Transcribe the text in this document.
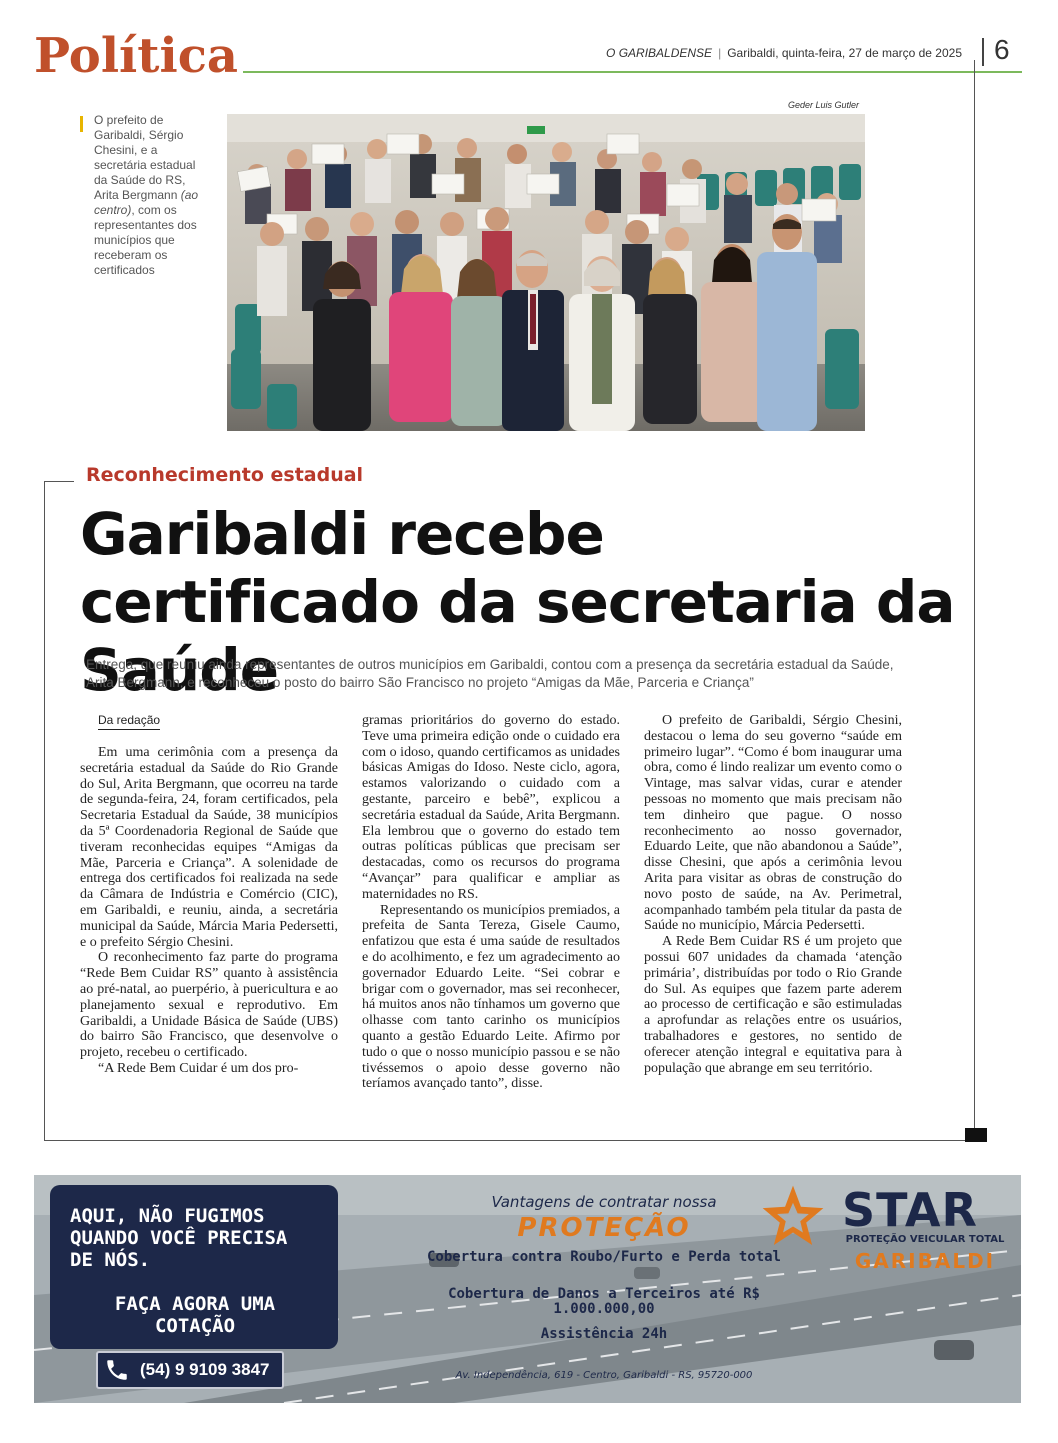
Política	O GARIBALDENSE | Garibaldi, quinta-feira, 27 de março de 2025 6
O prefeito de Garibaldi, Sérgio Chesini, e a secretária estadual da Saúde do RS, Arita Bergmann (ao centro), com os representantes dos municípios que receberam os certificados
Geder Luis Gutler
Reconhecimento estadual
Garibaldi recebe certificado da secretaria da Saúde
Entrega, que reuniu ainda representantes de outros municípios em Garibaldi, contou com a presença da secretária estadual da Saúde, Arita Bergmann, e reconheceu o posto do bairro São Francisco no projeto “Amigas da Mãe, Parceria e Criança”
Da redação

Em uma cerimônia com a presença da secretária estadual da Saúde do Rio Grande do Sul, Arita Bergmann, que ocorreu na tarde de segunda-feira, 24, foram certificados, pela Secretaria Estadual da Saúde, 38 municípios da 5ª Coordenadoria Regional de Saúde que tiveram reconhecidas equipes “Amigas da Mãe, Parceria e Criança”. A solenidade de entrega dos certificados foi realizada na sede da Câmara de Indústria e Comércio (CIC), em Garibaldi, e reuniu, ainda, a secretária municipal da Saúde, Márcia Maria Pedersetti, e o prefeito Sérgio Chesini.

O reconhecimento faz parte do programa “Rede Bem Cuidar RS” quanto à assistência ao pré-natal, ao puerpério, à puericultura e ao planejamento sexual e reprodutivo. Em Garibaldi, a Unidade Básica de Saúde (UBS) do bairro São Francisco, que desenvolve o projeto, recebeu o certificado.

“A Rede Bem Cuidar é um dos pro-

gramas prioritários do governo do estado. Teve uma primeira edição onde o cuidado era com o idoso, quando certificamos as unidades básicas Amigas do Idoso. Neste ciclo, agora, estamos valorizando o cuidado com a gestante, parceiro e bebê”, explicou a secretária estadual da Saúde, Arita Bergmann. Ela lembrou que o governo do estado tem outras políticas públicas que precisam ser destacadas, como os recursos do programa “Avançar” para qualificar e ampliar as maternidades no RS.

Representando os municípios premiados, a prefeita de Santa Tereza, Gisele Caumo, enfatizou que esta é uma saúde de resultados e do acolhimento, e fez um agradecimento ao governador Eduardo Leite. “Sei cobrar e brigar com o governador, mas sei reconhecer, há muitos anos não tínhamos um governo que olhasse com tanto carinho os municípios quanto a gestão Eduardo Leite. Afirmo por tudo o que o nosso município passou e se não tivéssemos o apoio desse governo não teríamos avançado tanto”, disse.

O prefeito de Garibaldi, Sérgio Chesini, destacou o lema do seu governo “saúde em primeiro lugar”. “Como é bom inaugurar uma obra, como é lindo realizar um evento como o Vintage, mas salvar vidas, curar e atender pessoas no momento que mais precisam não tem dinheiro que pague. O nosso reconhecimento ao nosso governador, Eduardo Leite, que não abandonou a Saúde”, disse Chesini, que após a cerimônia levou Arita para visitar as obras de construção do novo posto de saúde, na Av. Perimetral, acompanhado também pela titular da pasta de Saúde no município, Márcia Pedersetti.

A Rede Bem Cuidar RS é um projeto que possui 607 unidades da chamada ‘atenção primária’, distribuídas por todo o Rio Grande do Sul. As equipes que fazem parte aderem ao processo de certificação e são estimuladas a aprofundar as relações entre os usuários, trabalhadores e gestores, no sentido de oferecer atenção integral e equitativa para à população que abrange em seu território.

AQUI, NÃO FUGIMOS QUANDO VOCÊ PRECISA DE NÓS.
FAÇA AGORA UMA COTAÇÃO
(54) 9 9109 3847
Vantagens de contratar nossa
PROTEÇÃO
Cobertura contra Roubo/Furto e Perda total
Cobertura de Danos a Terceiros até R$ 1.000.000,00
Assistência 24h
Av. Independência, 619 - Centro, Garibaldi - RS, 95720-000
STAR
PROTEÇÃO VEICULAR TOTAL
GARIBALDI
